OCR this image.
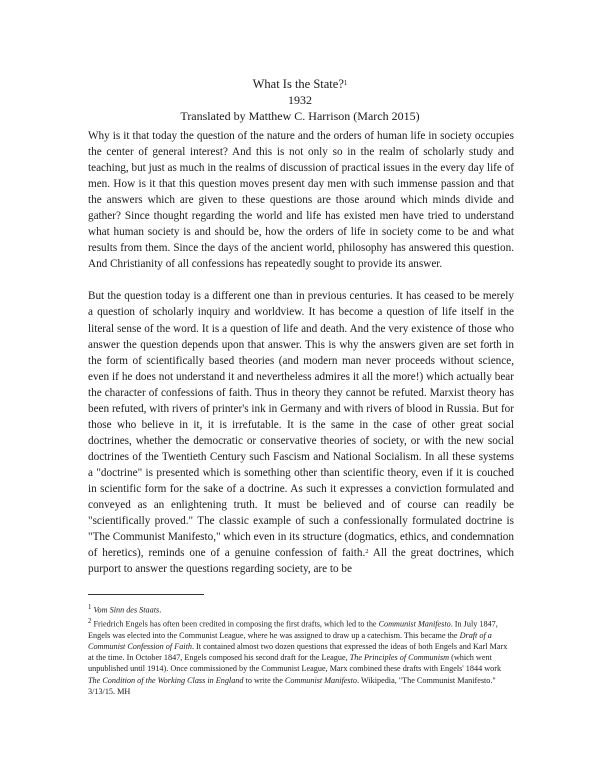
What Is the State?$^1$
1932
Translated by Matthew C. Harrison (March 2015)

Why is it that today the question of the nature and the orders of human life in society occupies the center of general interest? And this is not only so in the realm of scholarly study and teaching, but just as much in the realms of discussion of practical issues in the every day life of men. How is it that this question moves present day men with such immense passion and that the answers which are given to these questions are those around which minds divide and gather? Since thought regarding the world and life has existed men have tried to understand what human society is and should be, how the orders of life in society come to be and what results from them. Since the days of the ancient world, philosophy has answered this question. And Christianity of all confessions has repeatedly sought to provide its answer.

But the question today is a different one than in previous centuries. It has ceased to be merely a question of scholarly inquiry and worldview. It has become a question of life itself in the literal sense of the word. It is a question of life and death. And the very existence of those who answer the question depends upon that answer. This is why the answers given are set forth in the form of scientifically based theories (and modern man never proceeds without science, even if he does not understand it and nevertheless admires it all the more!) which actually bear the character of confessions of faith. Thus in theory they cannot be refuted. Marxist theory has been refuted, with rivers of printer's ink in Germany and with rivers of blood in Russia. But for those who believe in it, it is irrefutable. It is the same in the case of other great social doctrines, whether the democratic or conservative theories of society, or with the new social doctrines of the Twentieth Century such Fascism and National Socialism. In all these systems a "doctrine" is presented which is something other than scientific theory, even if it is couched in scientific form for the sake of a doctrine. As such it expresses a conviction formulated and conveyed as an enlightening truth. It must be believed and of course can readily be "scientifically proved." The classic example of such a confessionally formulated doctrine is "The Communist Manifesto," which even in its structure (dogmatics, ethics, and condemnation of heretics), reminds one of a genuine confession of faith.$^2$ All the great doctrines, which purport to answer the questions regarding society, are to be

$^1$ Vom Sinn des Staats.

$^2$ Friedrich Engels has often been credited in composing the first drafts, which led to the Communist Manifesto. In July 1847, Engels was elected into the Communist League, where he was assigned to draw up a catechism. This became the Draft of a Communist Confession of Faith. It contained almost two dozen questions that expressed the ideas of both Engels and Karl Marx at the time. In October 1847, Engels composed his second draft for the League, The Principles of Communism (which went unpublished until 1914). Once commissioned by the Communist League, Marx combined these drafts with Engels' 1844 work The Condition of the Working Class in England to write the Communist Manifesto. Wikipedia, "The Communist Manifesto." 3/13/15. MH
